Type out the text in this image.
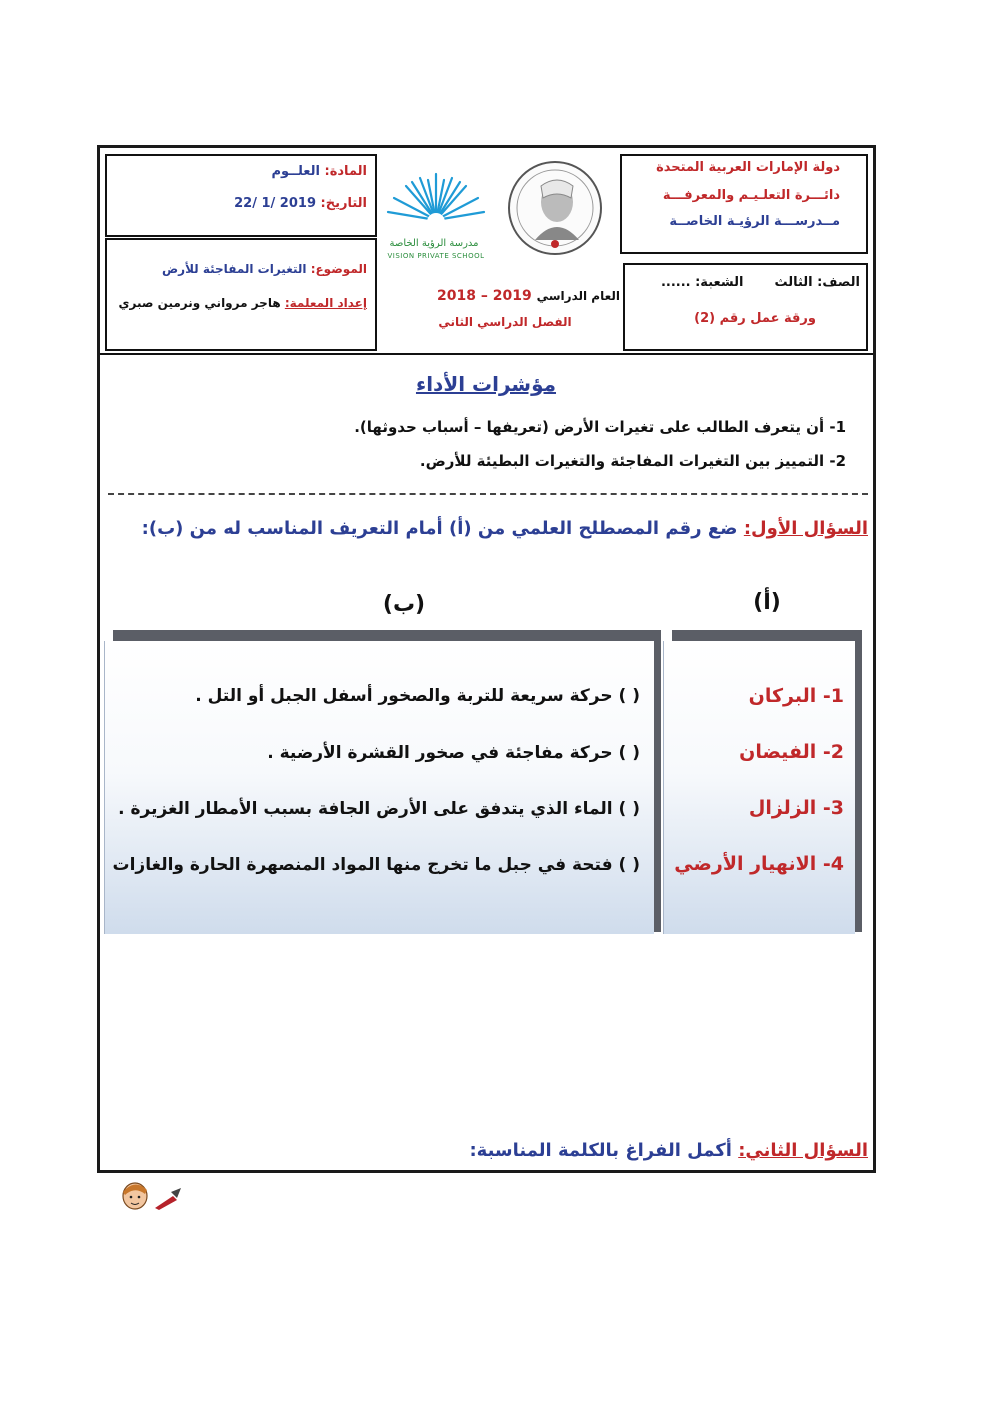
دولة الإمارات العربية المتحدة
دائـــرة التعلـيـم والمعرفـــة
مــدرســـة الرؤيـة الخاصــة
الصف: الثالث  الشعبة: ......
ورقة عمل رقم (2)
مدرسة الرؤية الخاصة
VISION PRIVATE SCHOOL
العام الدراسي 2018 – 2019
الفصل الدراسي الثاني
المادة: العلــوم
التاريخ: 22/ 1/ 2019
الموضوع: التغيرات المفاجئة للأرض
إعداد المعلمة: هاجر مرواني ونرمين صبري
مؤشرات الأداء
1- أن يتعرف الطالب على تغيرات الأرض (تعريفها – أسباب حدوثها).
2- التمييز بين التغيرات المفاجئة والتغيرات البطيئة للأرض.
السؤال الأول: ضع رقم المصطلح العلمي من (أ) أمام التعريف المناسب له من (ب):
(أ)
(ب)
1- البركان
2- الفيضان
3- الزلزال
4- الانهيار الأرضي
( ) حركة سريعة للتربة والصخور أسفل الجبل أو التل .
( ) حركة مفاجئة في صخور القشرة الأرضية .
( ) الماء الذي يتدفق على الأرض الجافة بسبب الأمطار الغزيرة .
( ) فتحة في جبل ما تخرج منها المواد المنصهرة الحارة والغازات
السؤال الثاني: أكمل الفراغ بالكلمة المناسبة:
